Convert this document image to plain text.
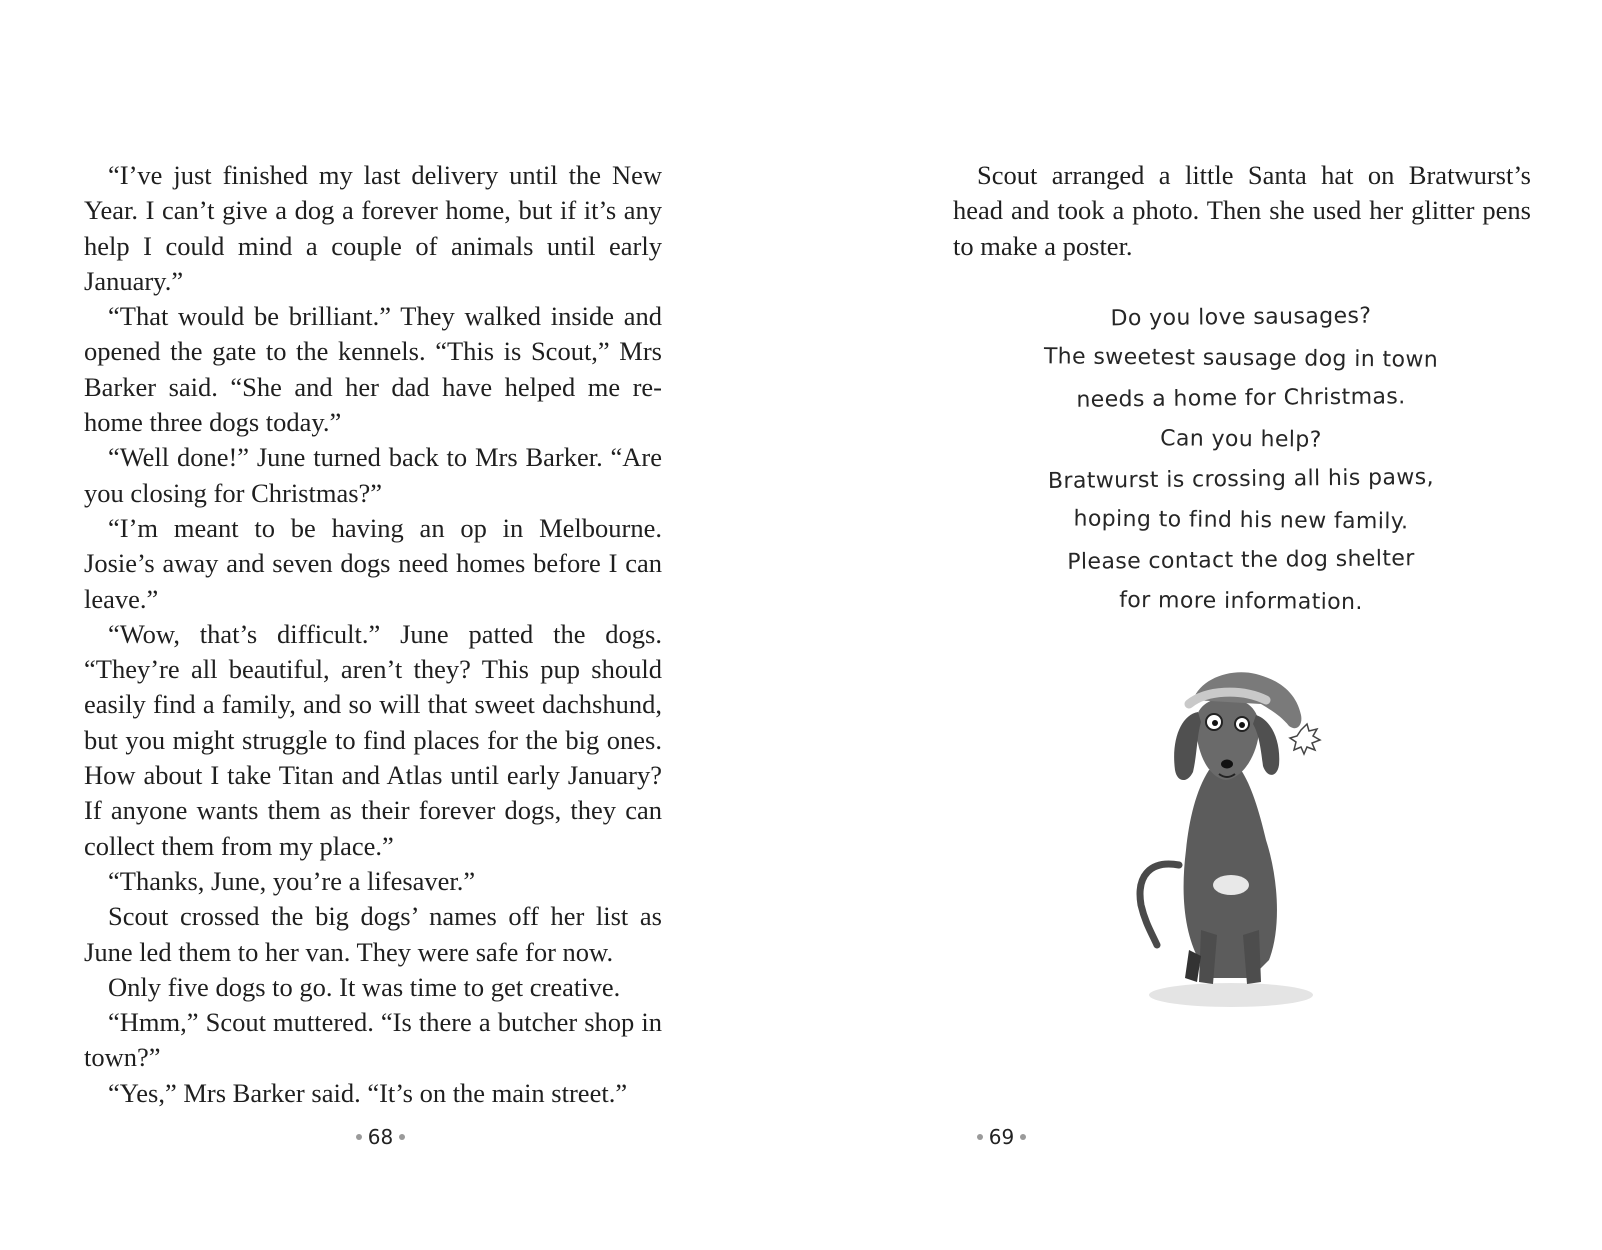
“I’ve just finished my last delivery until the New Year. I can’t give a dog a forever home, but if it’s any help I could mind a couple of animals until early January.”

“That would be brilliant.” They walked inside and opened the gate to the kennels. “This is Scout,” Mrs Barker said. “She and her dad have helped me re-home three dogs today.”

“Well done!” June turned back to Mrs Barker. “Are you closing for Christmas?”

“I’m meant to be having an op in Melbourne. Josie’s away and seven dogs need homes before I can leave.”

“Wow, that’s difficult.” June patted the dogs. “They’re all beautiful, aren’t they? This pup should easily find a family, and so will that sweet dachshund, but you might struggle to find places for the big ones. How about I take Titan and Atlas until early January? If anyone wants them as their forever dogs, they can collect them from my place.”

“Thanks, June, you’re a lifesaver.”

Scout crossed the big dogs’ names off her list as June led them to her van. They were safe for now.

Only five dogs to go. It was time to get creative.

“Hmm,” Scout muttered. “Is there a butcher shop in town?”

“Yes,” Mrs Barker said. “It’s on the main street.”

68

Scout arranged a little Santa hat on Bratwurst’s head and took a photo. Then she used her glitter pens to make a poster.

Do you love sausages?
The sweetest sausage dog in town
needs a home for Christmas.
Can you help?
Bratwurst is crossing all his paws,
hoping to find his new family.
Please contact the dog shelter
for more information.
69
